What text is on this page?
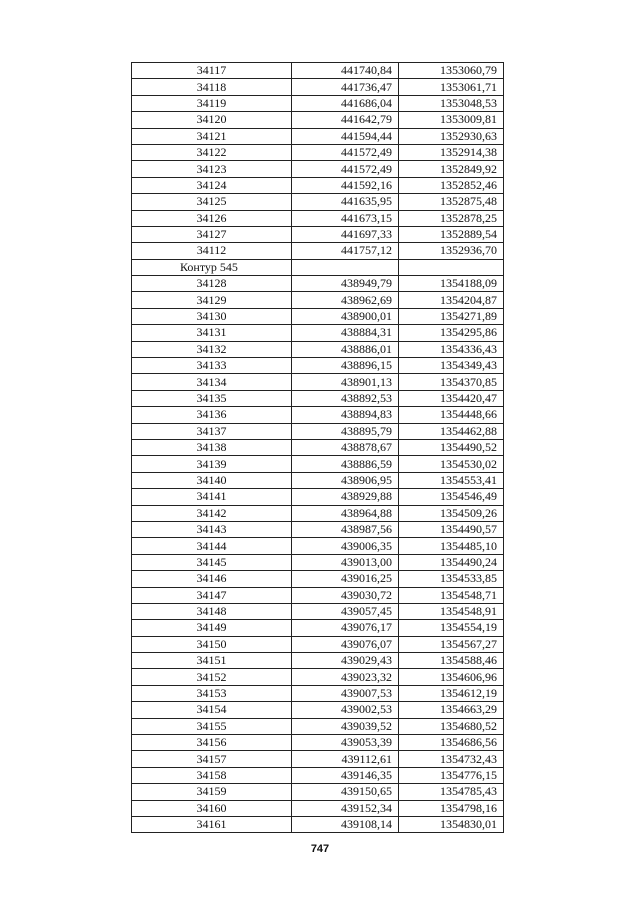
34117	441740,84	1353060,79
34118	441736,47	1353061,71
34119	441686,04	1353048,53
34120	441642,79	1353009,81
34121	441594,44	1352930,63
34122	441572,49	1352914,38
34123	441572,49	1352849,92
34124	441592,16	1352852,46
34125	441635,95	1352875,48
34126	441673,15	1352878,25
34127	441697,33	1352889,54
34112	441757,12	1352936,70
Контур 545		
34128	438949,79	1354188,09
34129	438962,69	1354204,87
34130	438900,01	1354271,89
34131	438884,31	1354295,86
34132	438886,01	1354336,43
34133	438896,15	1354349,43
34134	438901,13	1354370,85
34135	438892,53	1354420,47
34136	438894,83	1354448,66
34137	438895,79	1354462,88
34138	438878,67	1354490,52
34139	438886,59	1354530,02
34140	438906,95	1354553,41
34141	438929,88	1354546,49
34142	438964,88	1354509,26
34143	438987,56	1354490,57
34144	439006,35	1354485,10
34145	439013,00	1354490,24
34146	439016,25	1354533,85
34147	439030,72	1354548,71
34148	439057,45	1354548,91
34149	439076,17	1354554,19
34150	439076,07	1354567,27
34151	439029,43	1354588,46
34152	439023,32	1354606,96
34153	439007,53	1354612,19
34154	439002,53	1354663,29
34155	439039,52	1354680,52
34156	439053,39	1354686,56
34157	439112,61	1354732,43
34158	439146,35	1354776,15
34159	439150,65	1354785,43
34160	439152,34	1354798,16
34161	439108,14	1354830,01
747
